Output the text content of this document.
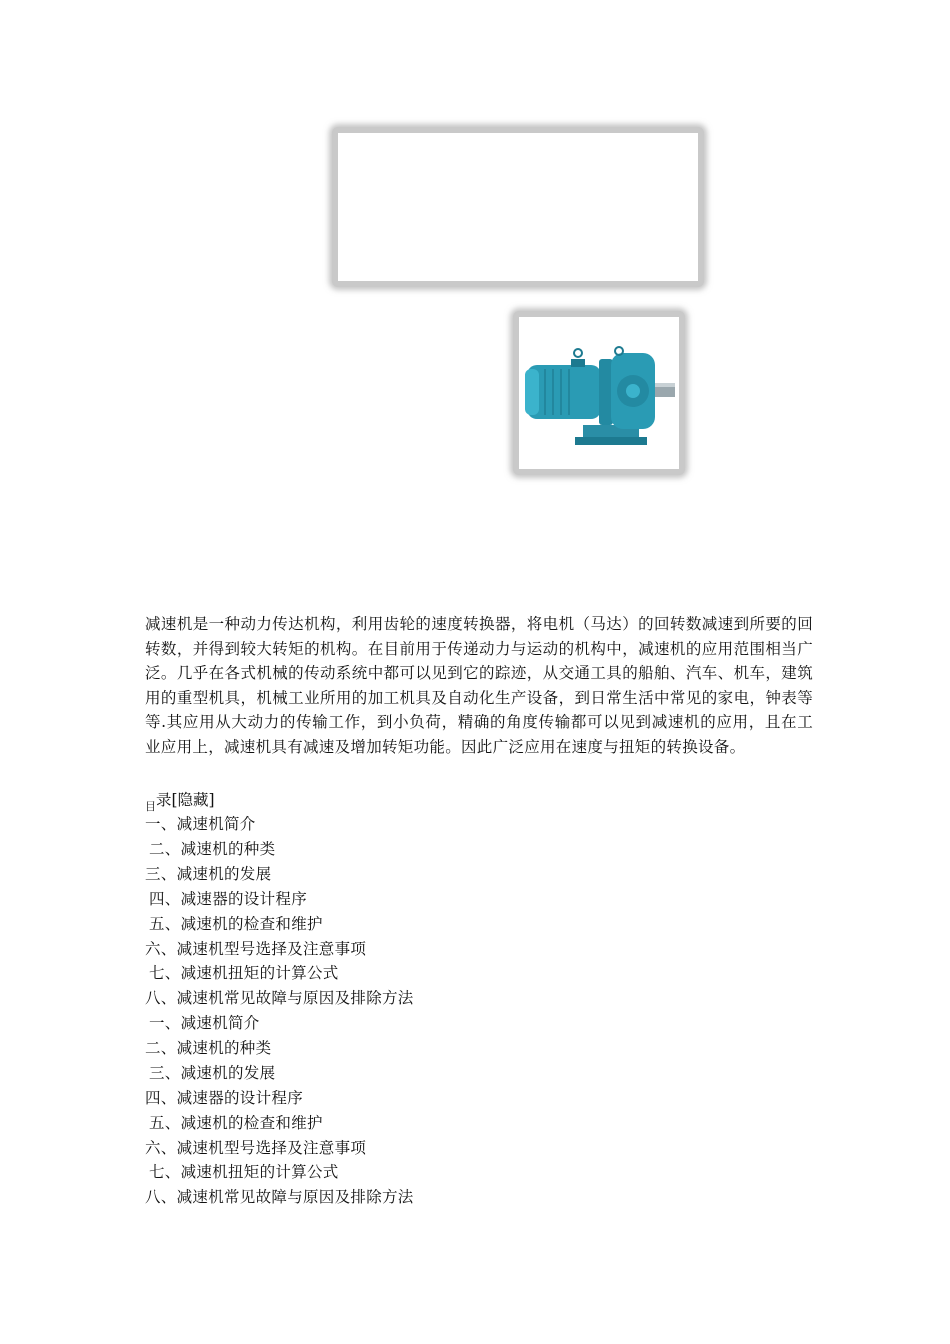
减速机是一种动力传达机构，利用齿轮的速度转换器，将电机（马达）的回转数减速到所要的回转数，并得到较大转矩的机构。在目前用于传递动力与运动的机构中，减速机的应用范围相当广泛。几乎在各式机械的传动系统中都可以见到它的踪迹，从交通工具的船舶、汽车、机车，建筑用的重型机具，机械工业所用的加工机具及自动化生产设备，到日常生活中常见的家电，钟表等等.其应用从大动力的传输工作，到小负荷，精确的角度传输都可以见到减速机的应用，且在工业应用上，减速机具有减速及增加转矩功能。因此广泛应用在速度与扭矩的转换设备。

$_目$录[隐藏]
一、减速机简介
二、减速机的种类
三、减速机的发展
四、减速器的设计程序
五、减速机的检查和维护
六、减速机型号选择及注意事项
七、减速机扭矩的计算公式
八、减速机常见故障与原因及排除方法
一、减速机简介
二、减速机的种类
三、减速机的发展
四、减速器的设计程序
五、减速机的检查和维护
六、减速机型号选择及注意事项
七、减速机扭矩的计算公式
八、减速机常见故障与原因及排除方法
